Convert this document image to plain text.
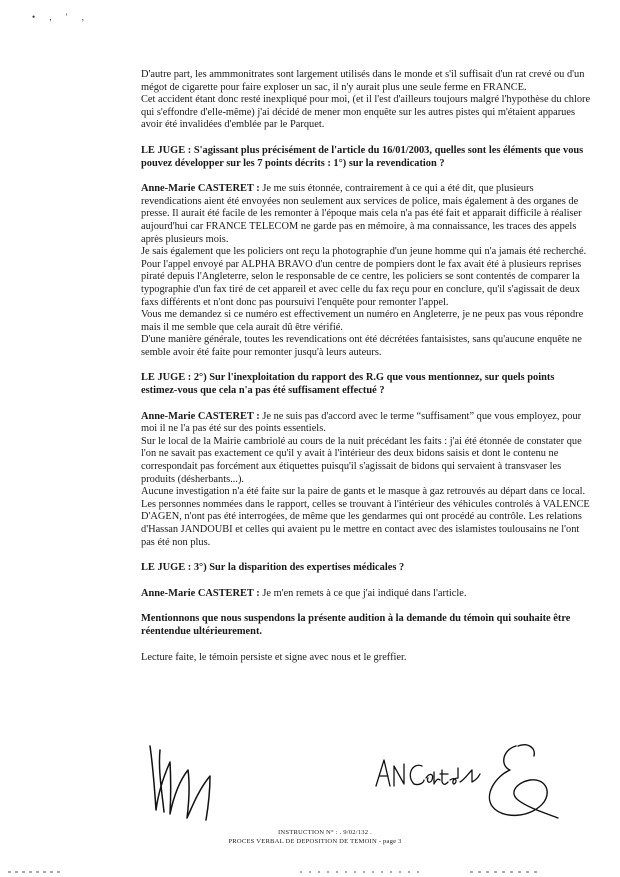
• , ' ,

D'autre part, les ammmonitrates sont largement utilisés dans le monde et s'il suffisait d'un rat crevé ou d'un mégot de cigarette pour faire exploser un sac, il n'y aurait plus une seule ferme en FRANCE.

Cet accident étant donc resté inexpliqué pour moi, (et il l'est d'ailleurs toujours malgré l'hypothèse du chlore qui s'effondre d'elle-même) j'ai décidé de mener mon enquête sur les autres pistes qui m'étaient apparues avoir été invalidées d'emblée par le Parquet.

LE JUGE : S'agissant plus précisément de l'article du 16/01/2003, quelles sont les éléments que vous pouvez développer sur les 7 points décrits : 1°) sur la revendication ?

Anne-Marie CASTERET : Je me suis étonnée, contrairement à ce qui a été dit, que plusieurs revendications aient été envoyées non seulement aux services de police, mais également à des organes de presse. Il aurait été facile de les remonter à l'époque mais cela n'a pas été fait et apparait difficile à réaliser aujourd'hui car FRANCE TELECOM ne garde pas en mémoire, à ma connaissance, les traces des appels après plusieurs mois.

Je sais également que les policiers ont reçu la photographie d'un jeune homme qui n'a jamais été recherché.

Pour l'appel envoyé par ALPHA BRAVO d'un centre de pompiers dont le fax avait été à plusieurs reprises piraté depuis l'Angleterre, selon le responsable de ce centre, les policiers se sont contentés de comparer la typographie d'un fax tiré de cet appareil et avec celle du fax reçu pour en conclure, qu'il s'agissait de deux faxs différents et n'ont donc pas poursuivi l'enquête pour remonter l'appel.

Vous me demandez si ce numéro est effectivement un numéro en Angleterre, je ne peux pas vous répondre mais il me semble que cela aurait dû être vérifié.

D'une manière générale, toutes les revendications ont été décrétées fantaisistes, sans qu'aucune enquête ne semble avoir été faite pour remonter jusqu'à leurs auteurs.

LE JUGE : 2°) Sur l'inexploitation du rapport des R.G que vous mentionnez, sur quels points estimez-vous que cela n'a pas été suffisament effectué ?

Anne-Marie CASTERET : Je ne suis pas d'accord avec le terme “suffisament” que vous employez, pour moi il ne l'a pas été sur des points essentiels.

Sur le local de la Mairie cambriolé au cours de la nuit précédant les faits : j'ai été étonnée de constater que l'on ne savait pas exactement ce qu'il y avait à l'intérieur des deux bidons saisis et dont le contenu ne correspondait pas forcément aux étiquettes puisqu'il s'agissait de bidons qui servaient à transvaser les produits (désherbants...).

Aucune investigation n'a été faite sur la paire de gants et le masque à gaz retrouvés au départ dans ce local.

Les personnes nommées dans le rapport, celles se trouvant à l'intérieur des véhicules controlés à VALENCE D'AGEN, n'ont pas été interrogées, de même que les gendarmes qui ont procédé au contrôle. Les relations d'Hassan JANDOUBI et celles qui avaient pu le mettre en contact avec des islamistes toulousains ne l'ont pas été non plus.

LE JUGE : 3°) Sur la disparition des expertises médicales ?

Anne-Marie CASTERET : Je m'en remets à ce que j'ai indiqué dans l'article.

Mentionnons que nous suspendons la présente audition à la demande du témoin qui souhaite être réentendue ultérieurement.

Lecture faite, le témoin persiste et signe avec nous et le greffier.

INSTRUCTION N° : . 9/02/132 .
PROCES VERBAL DE DEPOSITION DE TEMOIN - page 3
